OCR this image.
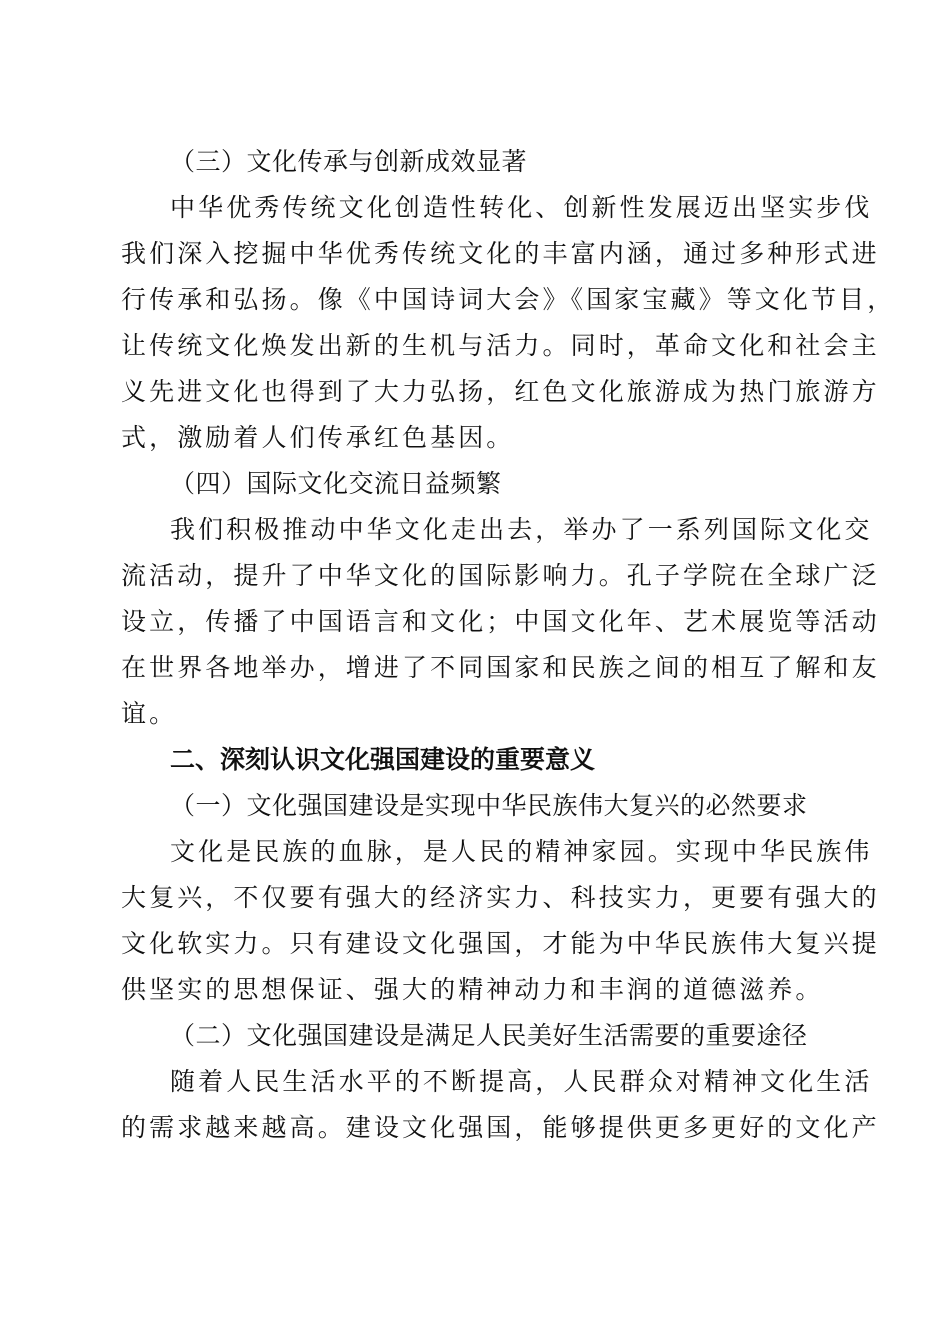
（三）文化传承与创新成效显著
中华优秀传统文化创造性转化、创新性发展迈出坚实步伐
我们深入挖掘中华优秀传统文化的丰富内涵，通过多种形式进
行传承和弘扬。像《中国诗词大会》《国家宝藏》等文化节目，
让传统文化焕发出新的生机与活力。同时，革命文化和社会主
义先进文化也得到了大力弘扬，红色文化旅游成为热门旅游方
式，激励着人们传承红色基因。
（四）国际文化交流日益频繁
我们积极推动中华文化走出去，举办了一系列国际文化交
流活动，提升了中华文化的国际影响力。孔子学院在全球广泛
设立，传播了中国语言和文化；中国文化年、艺术展览等活动
在世界各地举办，增进了不同国家和民族之间的相互了解和友
谊。
二、深刻认识文化强国建设的重要意义
（一）文化强国建设是实现中华民族伟大复兴的必然要求
文化是民族的血脉，是人民的精神家园。实现中华民族伟
大复兴，不仅要有强大的经济实力、科技实力，更要有强大的
文化软实力。只有建设文化强国，才能为中华民族伟大复兴提
供坚实的思想保证、强大的精神动力和丰润的道德滋养。
（二）文化强国建设是满足人民美好生活需要的重要途径
随着人民生活水平的不断提高，人民群众对精神文化生活
的需求越来越高。建设文化强国，能够提供更多更好的文化产
